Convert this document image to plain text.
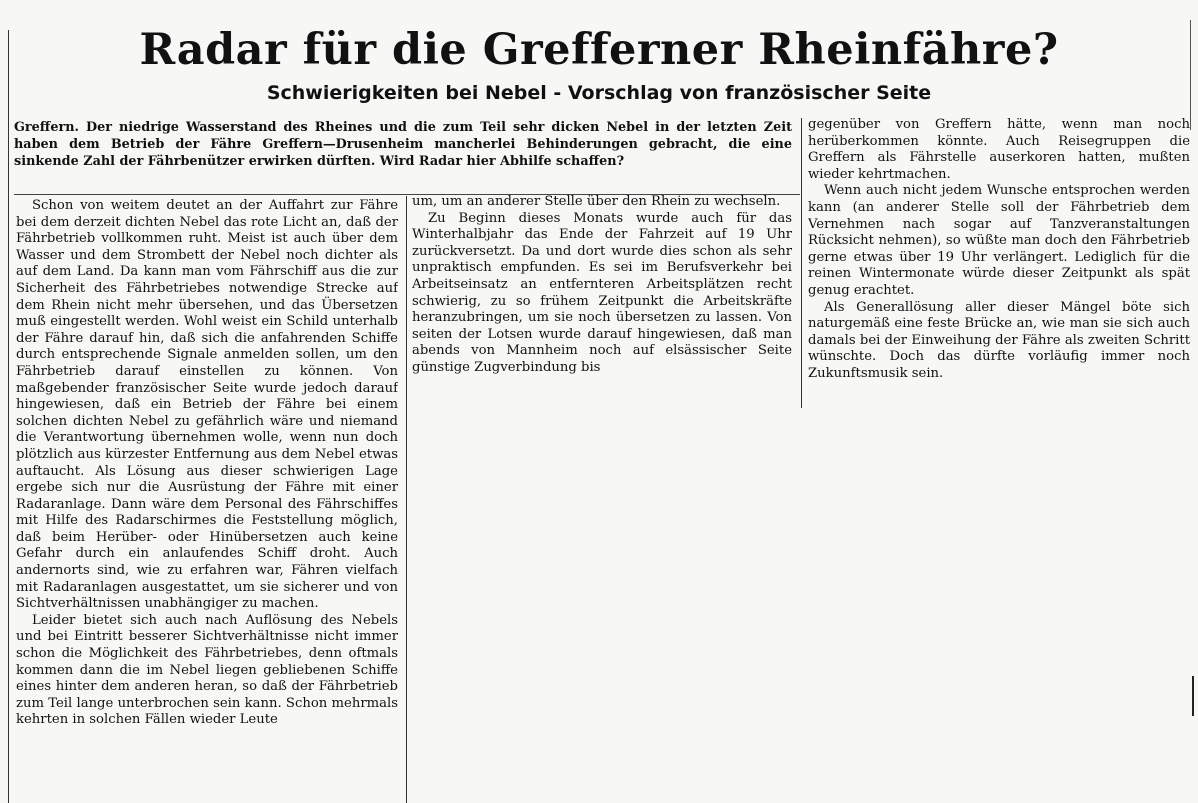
Radar für die Grefferner Rheinfähre?
Schwierigkeiten bei Nebel - Vorschlag von französischer Seite

Greffern. Der niedrige Wasserstand des Rheines und die zum Teil sehr dicken Nebel in der letzten Zeit haben dem Betrieb der Fähre Greffern—Drusenheim mancherlei Behinderungen gebracht, die eine sinkende Zahl der Fährbenützer erwirken dürften. Wird Radar hier Abhilfe schaffen?

Schon von weitem deutet an der Auffahrt zur Fähre bei dem derzeit dichten Nebel das rote Licht an, daß der Fährbetrieb vollkommen ruht. Meist ist auch über dem Wasser und dem Strombett der Nebel noch dichter als auf dem Land. Da kann man vom Fährschiff aus die zur Sicherheit des Fährbetriebes notwendige Strecke auf dem Rhein nicht mehr übersehen, und das Übersetzen muß eingestellt werden. Wohl weist ein Schild unterhalb der Fähre darauf hin, daß sich die anfahrenden Schiffe durch entsprechende Signale anmelden sollen, um den Fährbetrieb darauf einstellen zu können. Von maßgebender französischer Seite wurde jedoch darauf hingewiesen, daß ein Betrieb der Fähre bei einem solchen dichten Nebel zu gefährlich wäre und niemand die Verantwortung übernehmen wolle, wenn nun doch plötzlich aus kürzester Entfernung aus dem Nebel etwas auftaucht. Als Lösung aus dieser schwierigen Lage ergebe sich nur die Ausrüstung der Fähre mit einer Radaranlage. Dann wäre dem Personal des Fährschiffes mit Hilfe des Radarschirmes die Feststellung möglich, daß beim Herüber- oder Hinübersetzen auch keine Gefahr durch ein anlaufendes Schiff droht. Auch andernorts sind, wie zu erfahren war, Fähren vielfach mit Radaranlagen ausgestattet, um sie sicherer und von Sichtverhältnissen unabhängiger zu machen.

Leider bietet sich auch nach Auflösung des Nebels und bei Eintritt besserer Sichtverhältnisse nicht immer schon die Möglichkeit des Fährbetriebes, denn oftmals kommen dann die im Nebel liegen gebliebenen Schiffe eines hinter dem anderen heran, so daß der Fährbetrieb zum Teil lange unterbrochen sein kann. Schon mehrmals kehrten in solchen Fällen wieder Leute

um, um an anderer Stelle über den Rhein zu wechseln.

Zu Beginn dieses Monats wurde auch für das Winterhalbjahr das Ende der Fahrzeit auf 19 Uhr zurückversetzt. Da und dort wurde dies schon als sehr unpraktisch empfunden. Es sei im Berufsverkehr bei Arbeitseinsatz an entfernteren Arbeitsplätzen recht schwierig, zu so frühem Zeitpunkt die Arbeitskräfte heranzubringen, um sie noch übersetzen zu lassen. Von seiten der Lotsen wurde darauf hingewiesen, daß man abends von Mannheim noch auf elsässischer Seite günstige Zugverbindung bis

gegenüber von Greffern hätte, wenn man noch herüberkommen könnte. Auch Reisegruppen die Greffern als Fährstelle auserkoren hatten, mußten wieder kehrtmachen.

Wenn auch nicht jedem Wunsche entsprochen werden kann (an anderer Stelle soll der Fährbetrieb dem Vernehmen nach sogar auf Tanzveranstaltungen Rücksicht nehmen), so wüßte man doch den Fährbetrieb gerne etwas über 19 Uhr verlängert. Lediglich für die reinen Wintermonate würde dieser Zeitpunkt als spät genug erachtet.

Als Generallösung aller dieser Mängel böte sich naturgemäß eine feste Brücke an, wie man sie sich auch damals bei der Einweihung der Fähre als zweiten Schritt wünschte. Doch das dürfte vorläufig immer noch Zukunftsmusik sein.
